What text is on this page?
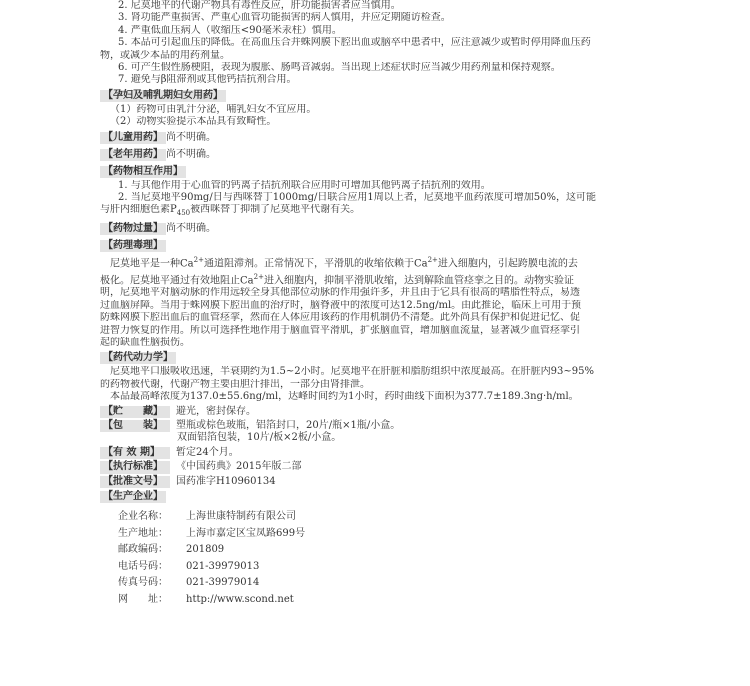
2. 尼莫地平的代谢产物具有毒性反应，肝功能损害者应当慎用。
3. 肾功能严重损害、严重心血管功能损害的病人慎用，并应定期随访检查。
4. 严重低血压病人（收缩压<90毫米汞柱）慎用。
5. 本品可引起血压的降低。在高血压合并蛛网膜下腔出血或脑卒中患者中，应注意减少或暂时停用降血压药
物，或减少本品的用药剂量。
6. 可产生假性肠梗阻，表现为腹胀、肠鸣音减弱。当出现上述症状时应当减少用药剂量和保持观察。
7. 避免与β阻滞剂或其他钙拮抗剂合用。
【孕妇及哺乳期妇女用药】
（1）药物可由乳汁分泌，哺乳妇女不宜应用。
（2）动物实验提示本品具有致畸性。
【儿童用药】 尚不明确。
【老年用药】 尚不明确。
【药物相互作用】
1. 与其他作用于心血管的钙离子拮抗剂联合应用时可增加其他钙离子拮抗剂的效用。
2. 当尼莫地平90mg/日与西咪替丁1000mg/日联合应用1周以上者，尼莫地平血药浓度可增加50%，这可能
与肝内细胞色素$P_{450}$被西咪替丁抑制了尼莫地平代谢有关。
【药物过量】 尚不明确。
【药理毒理】
尼莫地平是一种$Ca^{2+}$通道阻滞剂。正常情况下，平滑肌的收缩依赖于$Ca^{2+}$进入细胞内，引起跨膜电流的去
极化。尼莫地平通过有效地阻止$Ca^{2+}$进入细胞内，抑制平滑肌收缩，达到解除血管痉挛之目的。动物实验证
明，尼莫地平对脑动脉的作用远较全身其他部位动脉的作用强许多，并且由于它具有很高的嗜脂性特点，易透
过血脑屏障。当用于蛛网膜下腔出血的治疗时，脑脊液中的浓度可达12.5ng/ml。由此推论，临床上可用于预
防蛛网膜下腔出血后的血管痉挛，然而在人体应用该药的作用机制仍不清楚。此外尚具有保护和促进记忆、促
进智力恢复的作用。所以可选择性地作用于脑血管平滑肌，扩张脑血管，增加脑血流量，显著减少血管痉挛引
起的缺血性脑损伤。
【药代动力学】
尼莫地平口服吸收迅速，半衰期约为1.5~2小时。尼莫地平在肝脏和脂肪组织中浓度最高。在肝脏内93~95%
的药物被代谢，代谢产物主要由胆汁排出，一部分由肾排泄。
本品最高峰浓度为137.0±55.6ng/ml，达峰时间约为1小时，药时曲线下面积为377.7±189.3ng·h/ml。
【贮　　藏】	避光，密封保存。
【包　　装】	塑瓶或棕色玻瓶，铝箔封口，20片/瓶×1瓶/小盒。
双面铝箔包装，10片/板×2板/小盒。
【有 效 期】	暂定24个月。
【执行标准】	《中国药典》2015年版二部
【批准文号】	国药准字H10960134
【生产企业】
企业名称：	上海世康特制药有限公司
生产地址：	上海市嘉定区宝凤路699号
邮政编码：	201809
电话号码：	021-39979013
传真号码：	021-39979014
网　　址：	http://www.scond.net
